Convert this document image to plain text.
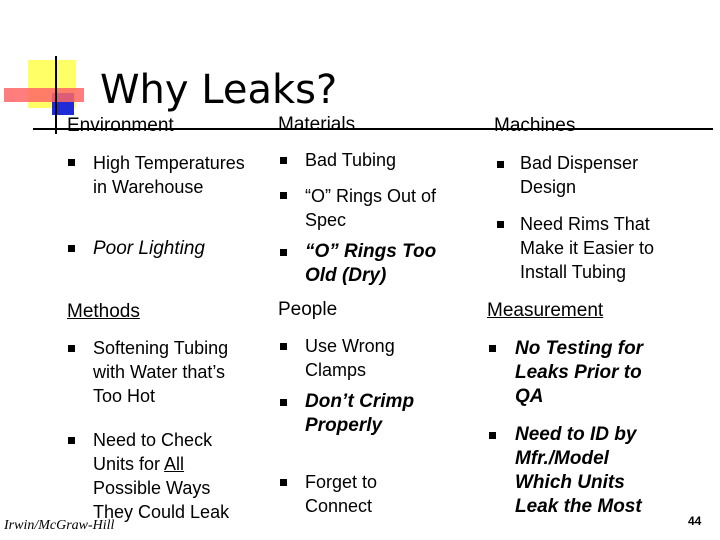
Why Leaks?
Environment
High Temperatures in Warehouse
Poor Lighting
Materials
Bad Tubing
“O” Rings Out of Spec
“O” Rings Too Old (Dry)
Machines
Bad Dispenser Design
Need Rims That Make it Easier to Install Tubing
Methods
Softening Tubing with Water that’s Too Hot
Need to Check Units for All Possible Ways They Could Leak
People
Use Wrong Clamps
Don’t Crimp Properly
Forget to Connect
Measurement
No Testing for Leaks Prior to QA
Need to ID by Mfr./Model Which Units Leak the Most
Irwin/McGraw-Hill	44
